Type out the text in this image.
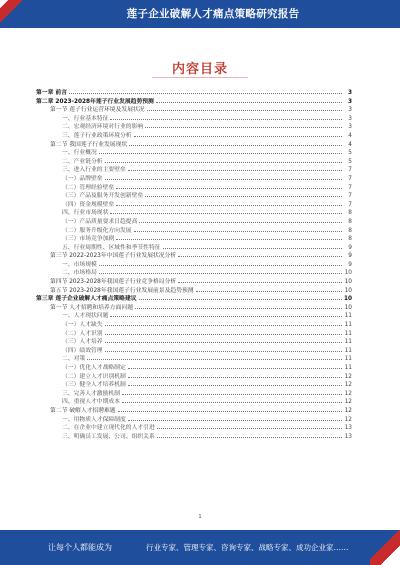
莲子企业破解人才痛点策略研究报告
内容目录
第一章 前言	3
第二章 2023-2028年莲子行业发展趋势预测	3
第一节 莲子行业运营环境及发展状况	3
一、行业基本特征	3
二、宏观经济环境对行业的影响	3
三、莲子行业政策环境分析	4
第二节 我国莲子行业发展现状	4
一、行业概况	5
二、产业链分析	5
三、进入行业的主要壁垒	7
（一）品牌壁垒	7
（二）管理经验壁垒	7
（三）产品及服务开发创新壁垒	7
（四）资金规模壁垒	7
四、行业市场现状	8
（一）产品质量要求日趋提高	8
（二）服务升级化方向发展	8
（三）市场竞争加剧	8
五、行业周期性、区域性和季节性特征	9
第三节 2022-2023年中国莲子行业发展状况分析	9
一、市场规模	9
二、市场格局	10
第四节 2023-2028年我国莲子行业竞争格局分析	10
第五节 2023-2028年我国莲子行业发展前景及趋势预测	10
第三章 莲子企业破解人才痛点策略建议	10
第一节 人才招聘和培养方面问题	10
一、人才现状问题	11
（一）人才缺失	11
（二）人才识别	11
（三）人才培养	11
（四）绩效管理	11
二、对策	11
（一）优化人才战略制定	11
（二）建立人才识别机制	12
（三）健全人才培养机制	12
三、完善人才激励机制	12
四、重视人才中期成本	12
第二节 破解人才招聘难题	12
一、用物质人才保障制度	12
二、在企业中建立现代化的人才引进	13
三、明确员工发展、公司、组织关系	13
1
让每个人都能成为	行业专家、管理专家、咨询专家、战略专家、成功企业家……
